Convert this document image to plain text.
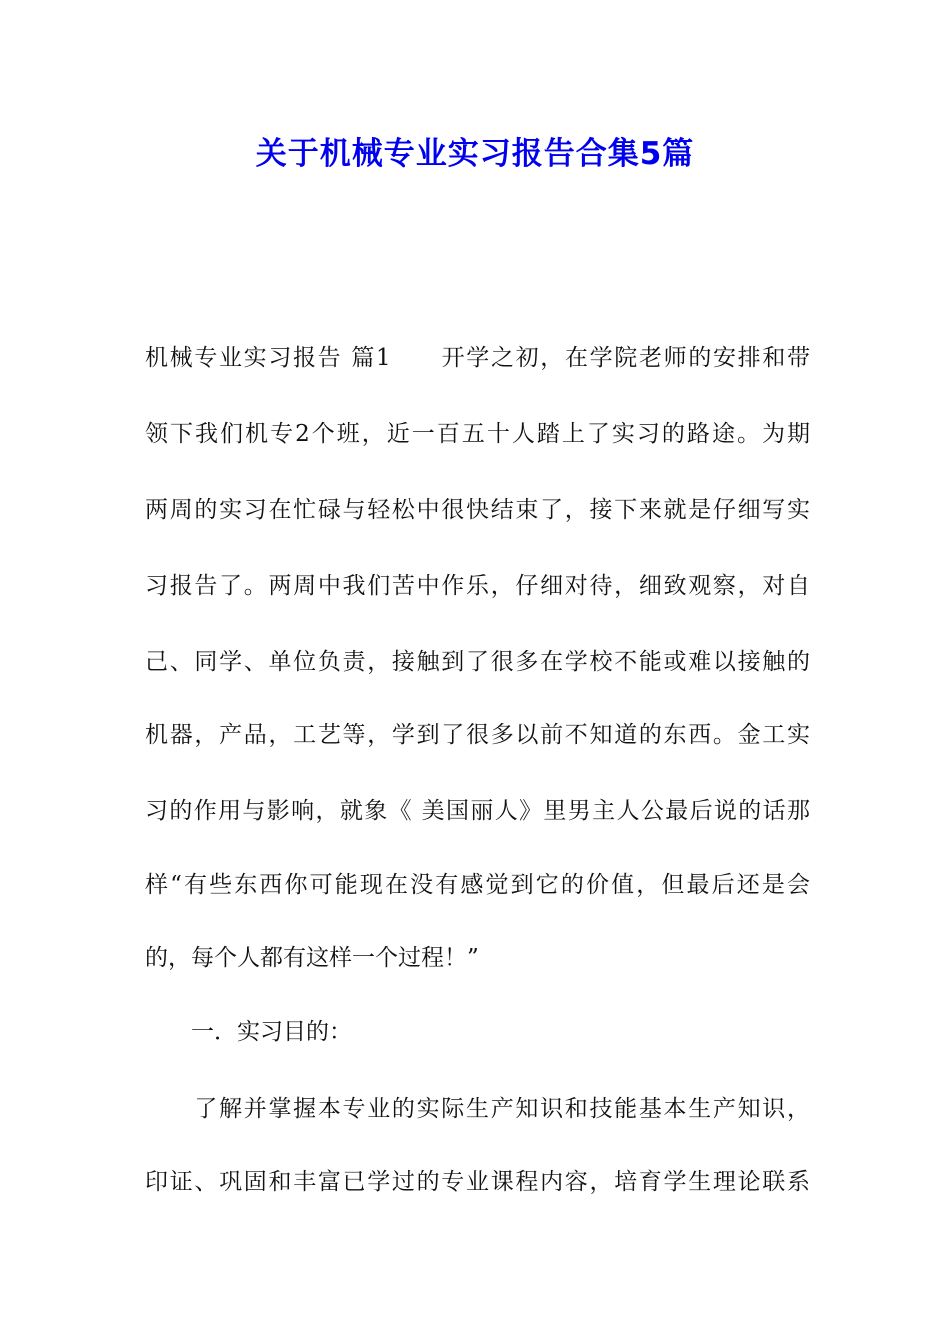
关于机械专业实习报告合集5篇
机械专业实习报告 篇1　　开学之初，在学院老师的安排和带
领下我们机专2个班，近一百五十人踏上了实习的路途。为期
两周的实习在忙碌与轻松中很快结束了，接下来就是仔细写实
习报告了。两周中我们苦中作乐，仔细对待，细致观察，对自
己、同学、单位负责，接触到了很多在学校不能或难以接触的
机器，产品，工艺等，学到了很多以前不知道的东西。金工实
习的作用与影响，就象《 美国丽人》里男主人公最后说的话那
样“有些东西你可能现在没有感觉到它的价值，但最后还是会
的，每个人都有这样一个过程！”
　　一．实习目的：
　　了解并掌握本专业的实际生产知识和技能基本生产知识，
印证、巩固和丰富已学过的专业课程内容，培育学生理论联系
